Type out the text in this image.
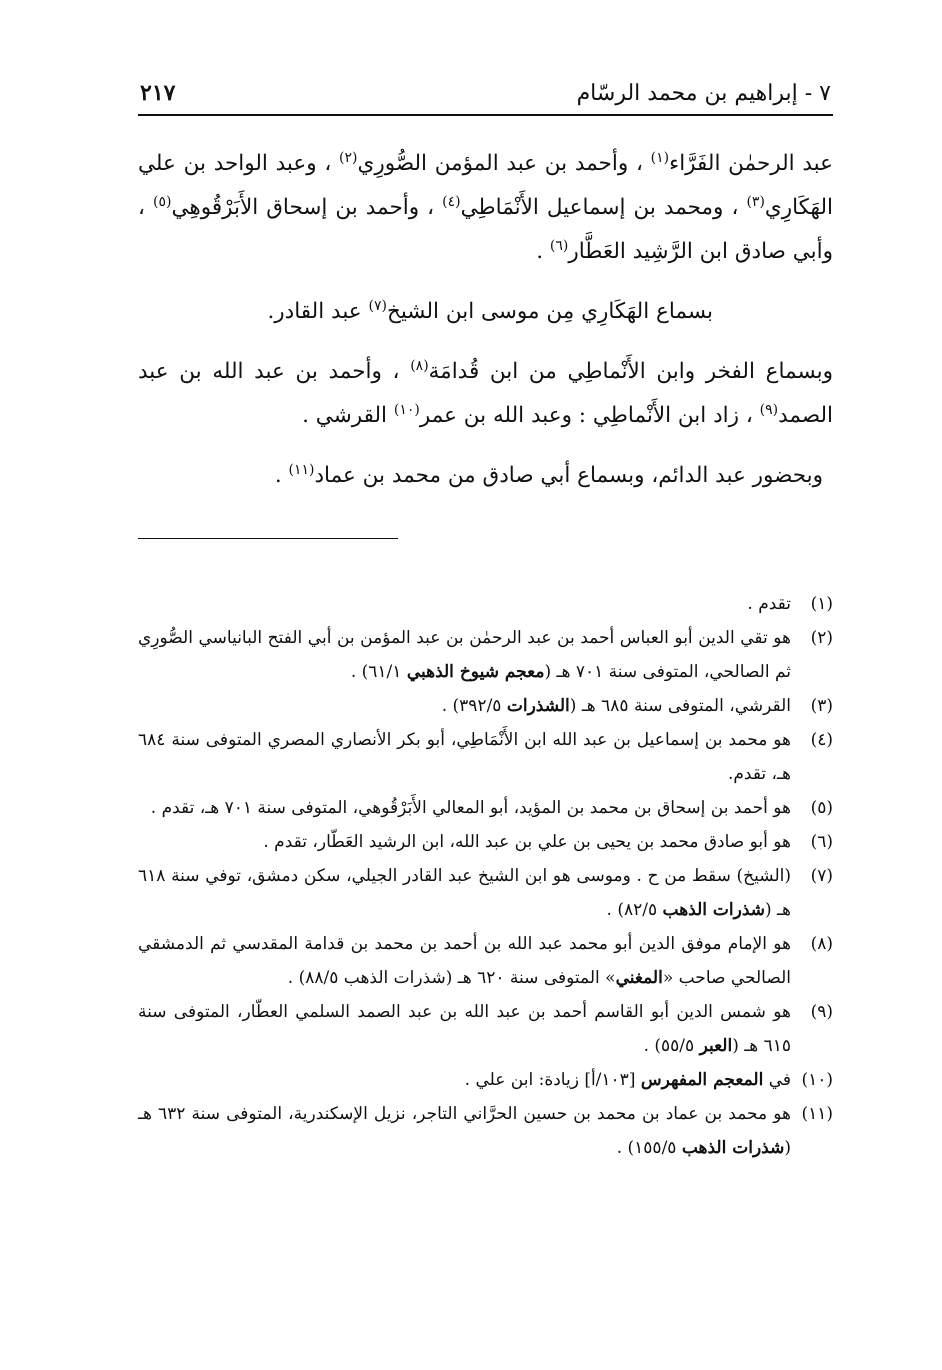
٧ - إبراهيم بن محمد الرسّام
٢١٧

عبد الرحمٰن الفَرَّاء$^{(١)}$ ، وأحمد بن عبد المؤمن الصُّورِي$^{(٢)}$ ، وعبد الواحد بن علي الهَكَارِي$^{(٣)}$ ، ومحمد بن إسماعيل الأَنْمَاطِي$^{(٤)}$ ، وأحمد بن إسحاق الأَبَرْقُوهِي$^{(٥)}$ ، وأبي صادق ابن الرَّشِيد العَطَّار$^{(٦)}$ .

بسماع الهَكَارِي مِن موسى ابن الشيخ$^{(٧)}$ عبد القادر.

وبسماع الفخر وابن الأَنْماطِي من ابن قُدامَة$^{(٨)}$ ، وأحمد بن عبد الله بن عبد الصمد$^{(٩)}$ ، زاد ابن الأَنْماطِي : وعبد الله بن عمر$^{(١٠)}$ القرشي .

وبحضور عبد الدائم، وبسماع أبي صادق من محمد بن عماد$^{(١١)}$ .

(١)
تقدم .
(٢)
هو تقي الدين أبو العباس أحمد بن عبد الرحمٰن بن عبد المؤمن بن أبي الفتح البانياسي الصُّورِي ثم الصالحي، المتوفى سنة ٧٠١ هـ (معجم شيوخ الذهبي ٦١/١) .
(٣)
القرشي، المتوفى سنة ٦٨٥ هـ (الشذرات ٣٩٢/٥) .
(٤)
هو محمد بن إسماعيل بن عبد الله ابن الأَنْمَاطِي، أبو بكر الأنصاري المصري المتوفى سنة ٦٨٤ هـ، تقدم.
(٥)
هو أحمد بن إسحاق بن محمد بن المؤيد، أبو المعالي الأَبَرْقُوهي، المتوفى سنة ٧٠١ هـ، تقدم .
(٦)
هو أبو صادق محمد بن يحيى بن علي بن عبد الله، ابن الرشيد العَطّار، تقدم .
(٧)
(الشيخ) سقط من ح . وموسى هو ابن الشيخ عبد القادر الجيلي، سكن دمشق، توفي سنة ٦١٨ هـ (شذرات الذهب ٨٢/٥) .
(٨)
هو الإمام موفق الدين أبو محمد عبد الله بن أحمد بن محمد بن قدامة المقدسي ثم الدمشقي الصالحي صاحب «المغني» المتوفى سنة ٦٢٠ هـ (شذرات الذهب ٨٨/٥) .
(٩)
هو شمس الدين أبو القاسم أحمد بن عبد الله بن عبد الصمد السلمي العطّار، المتوفى سنة ٦١٥ هـ (العبر ٥٥/٥) .
(١٠)
في المعجم المفهرس [١٠٣/أ] زيادة: ابن علي .
(١١)
هو محمد بن عماد بن محمد بن حسين الحرَّاني التاجر، نزيل الإسكندرية، المتوفى سنة ٦٣٢ هـ (شذرات الذهب ١٥٥/٥) .
